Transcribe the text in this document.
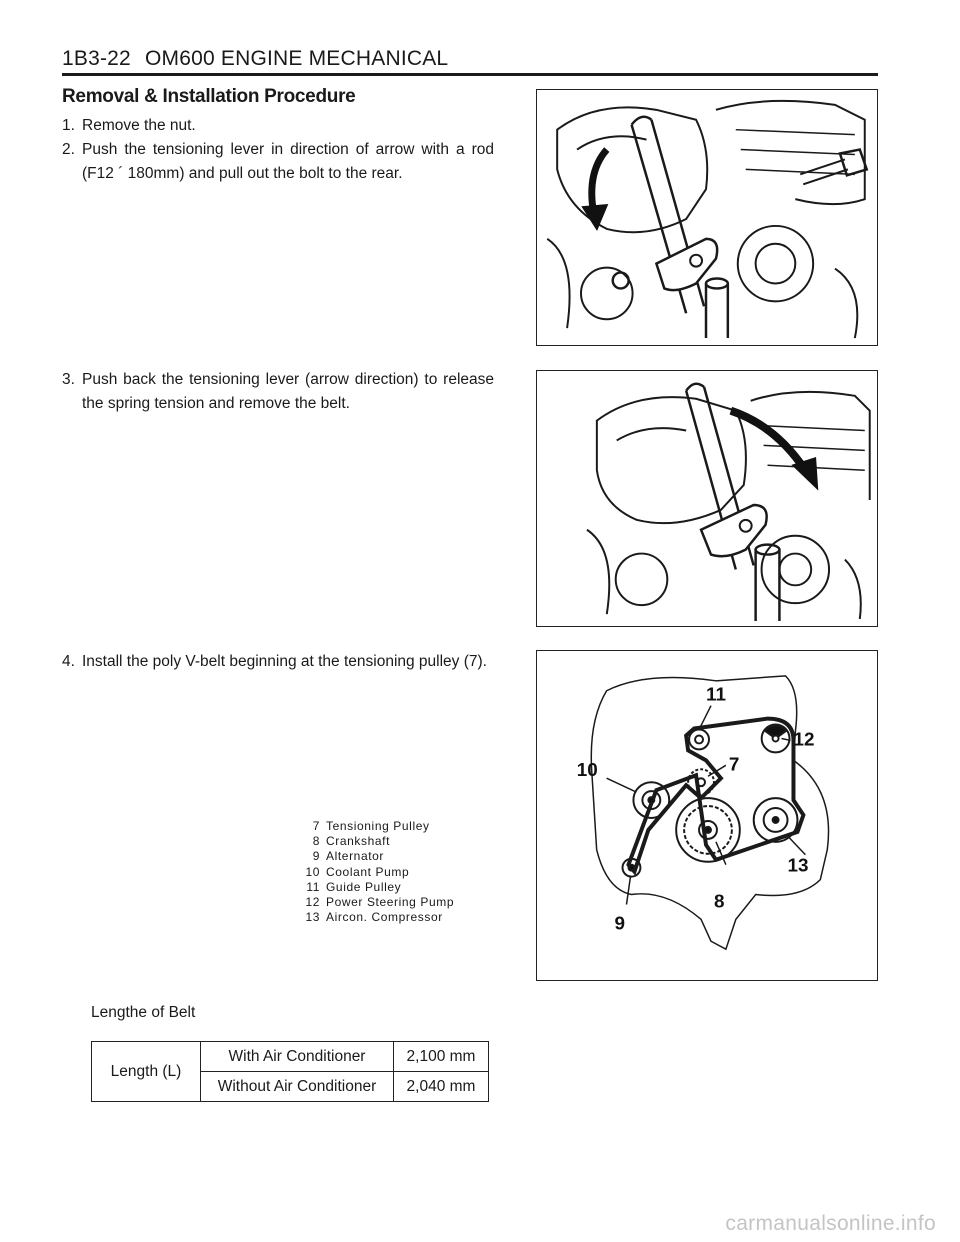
1B3-22 OM600 ENGINE MECHANICAL
Removal & Installation Procedure
1. Remove the nut.
2. Push the tensioning lever in direction of arrow with a rod (F12 ´ 180mm) and pull out the bolt to the rear.
3. Push back the tensioning lever (arrow direction) to release the spring tension and remove the belt.
4. Install the poly V-belt beginning at the tensioning pulley (7).
7
8
9
10
11
12
13
7 Tensioning Pulley
8 Crankshaft
9 Alternator
10 Coolant Pump
11 Guide Pulley
12 Power Steering Pump
13 Aircon. Compressor
Lengthe of Belt
Length (L)	With Air Conditioner	2,100 mm
	Without Air Conditioner	2,040 mm
carmanualsonline.info
